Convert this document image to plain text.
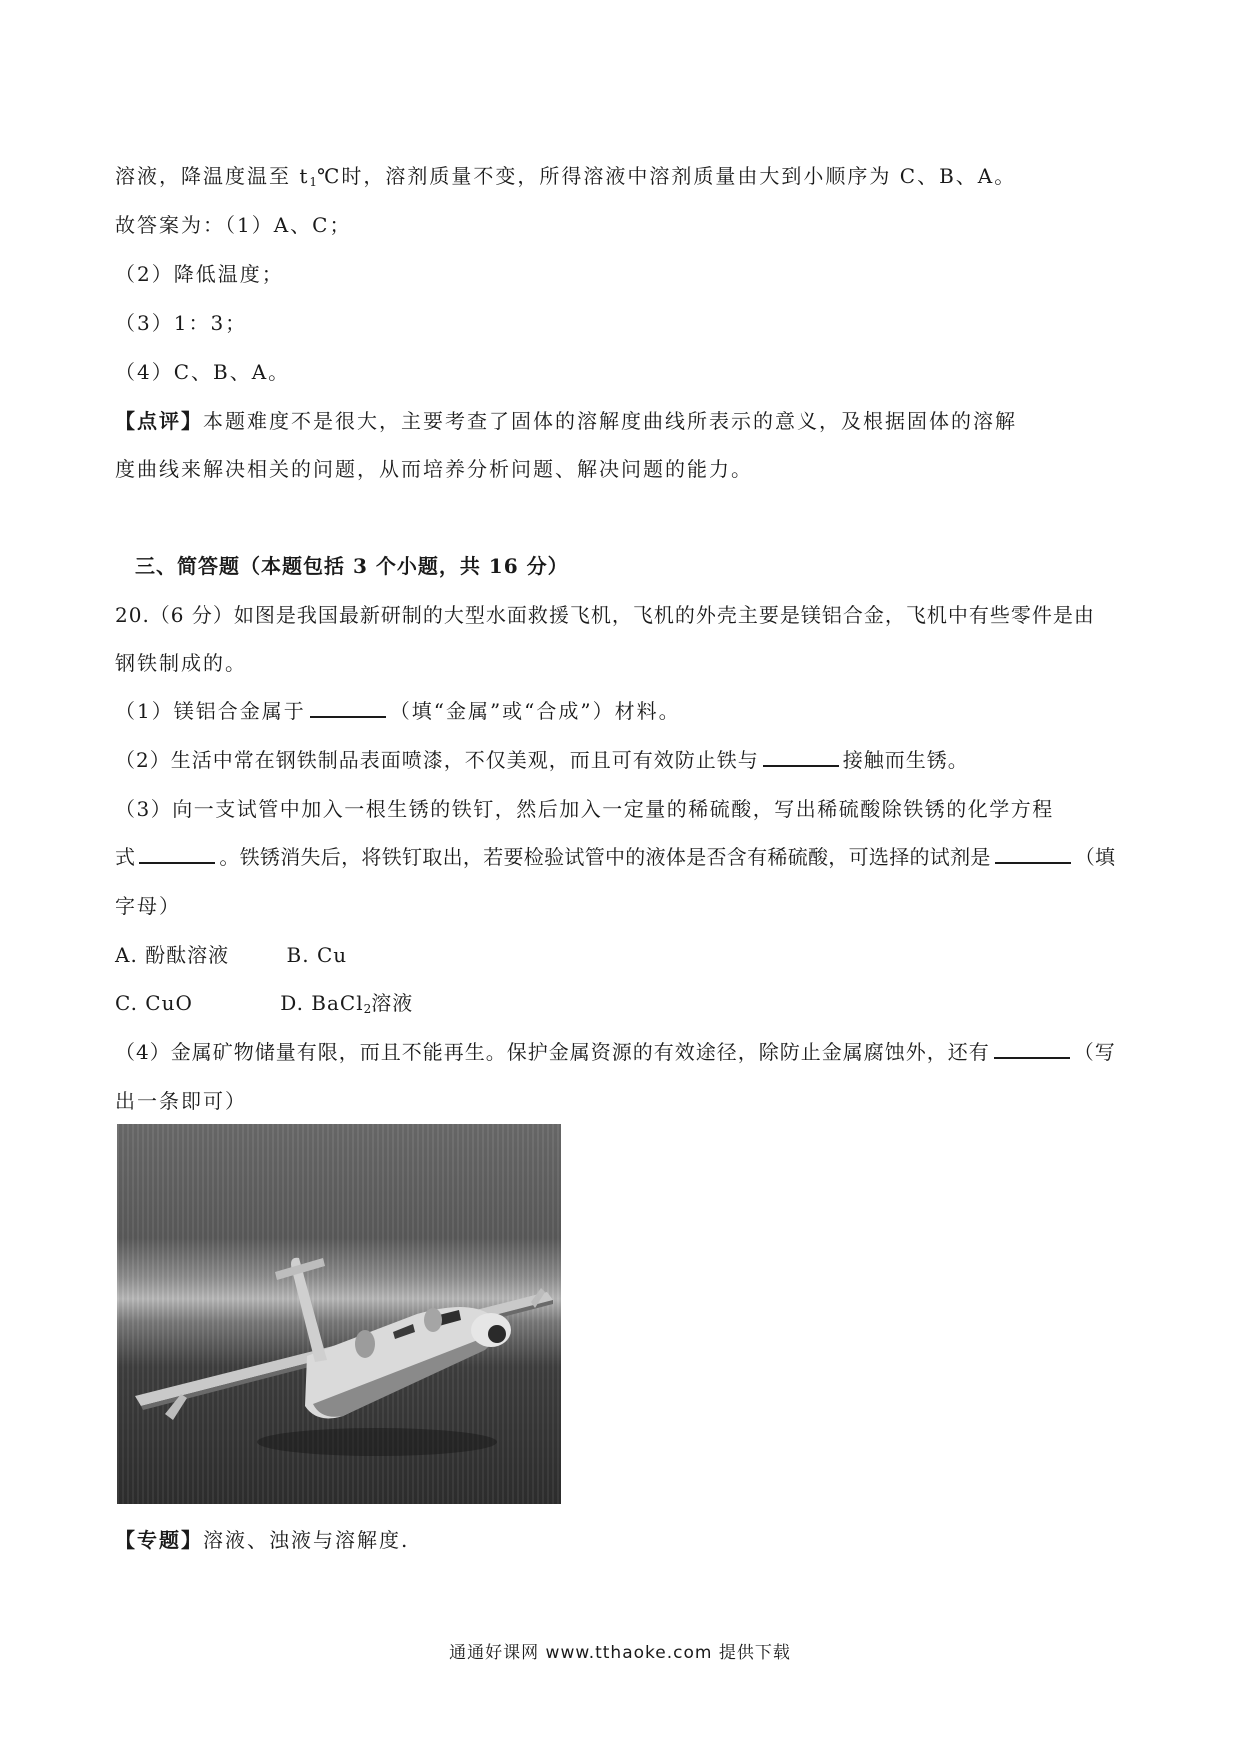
溶液，降温度温至 $t_1℃$时，溶剂质量不变，所得溶液中溶剂质量由大到小顺序为 C、B、A。
故答案为：（1）A、C；
（2）降低温度；
（3）1：3；
（4）C、B、A。
【点评】本题难度不是很大，主要考查了固体的溶解度曲线所表示的意义，及根据固体的溶解
度曲线来解决相关的问题，从而培养分析问题、解决问题的能力。
三、简答题（本题包括 3 个小题，共 16 分）
20.（6 分）如图是我国最新研制的大型水面救援飞机，飞机的外壳主要是镁铝合金，飞机中有些零件是由
钢铁制成的。
（1）镁铝合金属于	（填“金属”或“合成”）材料。
（2）生活中常在钢铁制品表面喷漆，不仅美观，而且可有效防止铁与	接触而生锈。
（3）向一支试管中加入一根生锈的铁钉，然后加入一定量的稀硫酸，写出稀硫酸除铁锈的化学方程
式	。铁锈消失后，将铁钉取出，若要检验试管中的液体是否含有稀硫酸，可选择的试剂是	（填
字母）
A. 酚酞溶液	B. Cu
C. CuO	D. BaCl$_2$溶液
（4）金属矿物储量有限，而且不能再生。保护金属资源的有效途径，除防止金属腐蚀外，还有	（写
出一条即可）
【专题】溶液、浊液与溶解度.
通通好课网 www.tthaoke.com 提供下载
